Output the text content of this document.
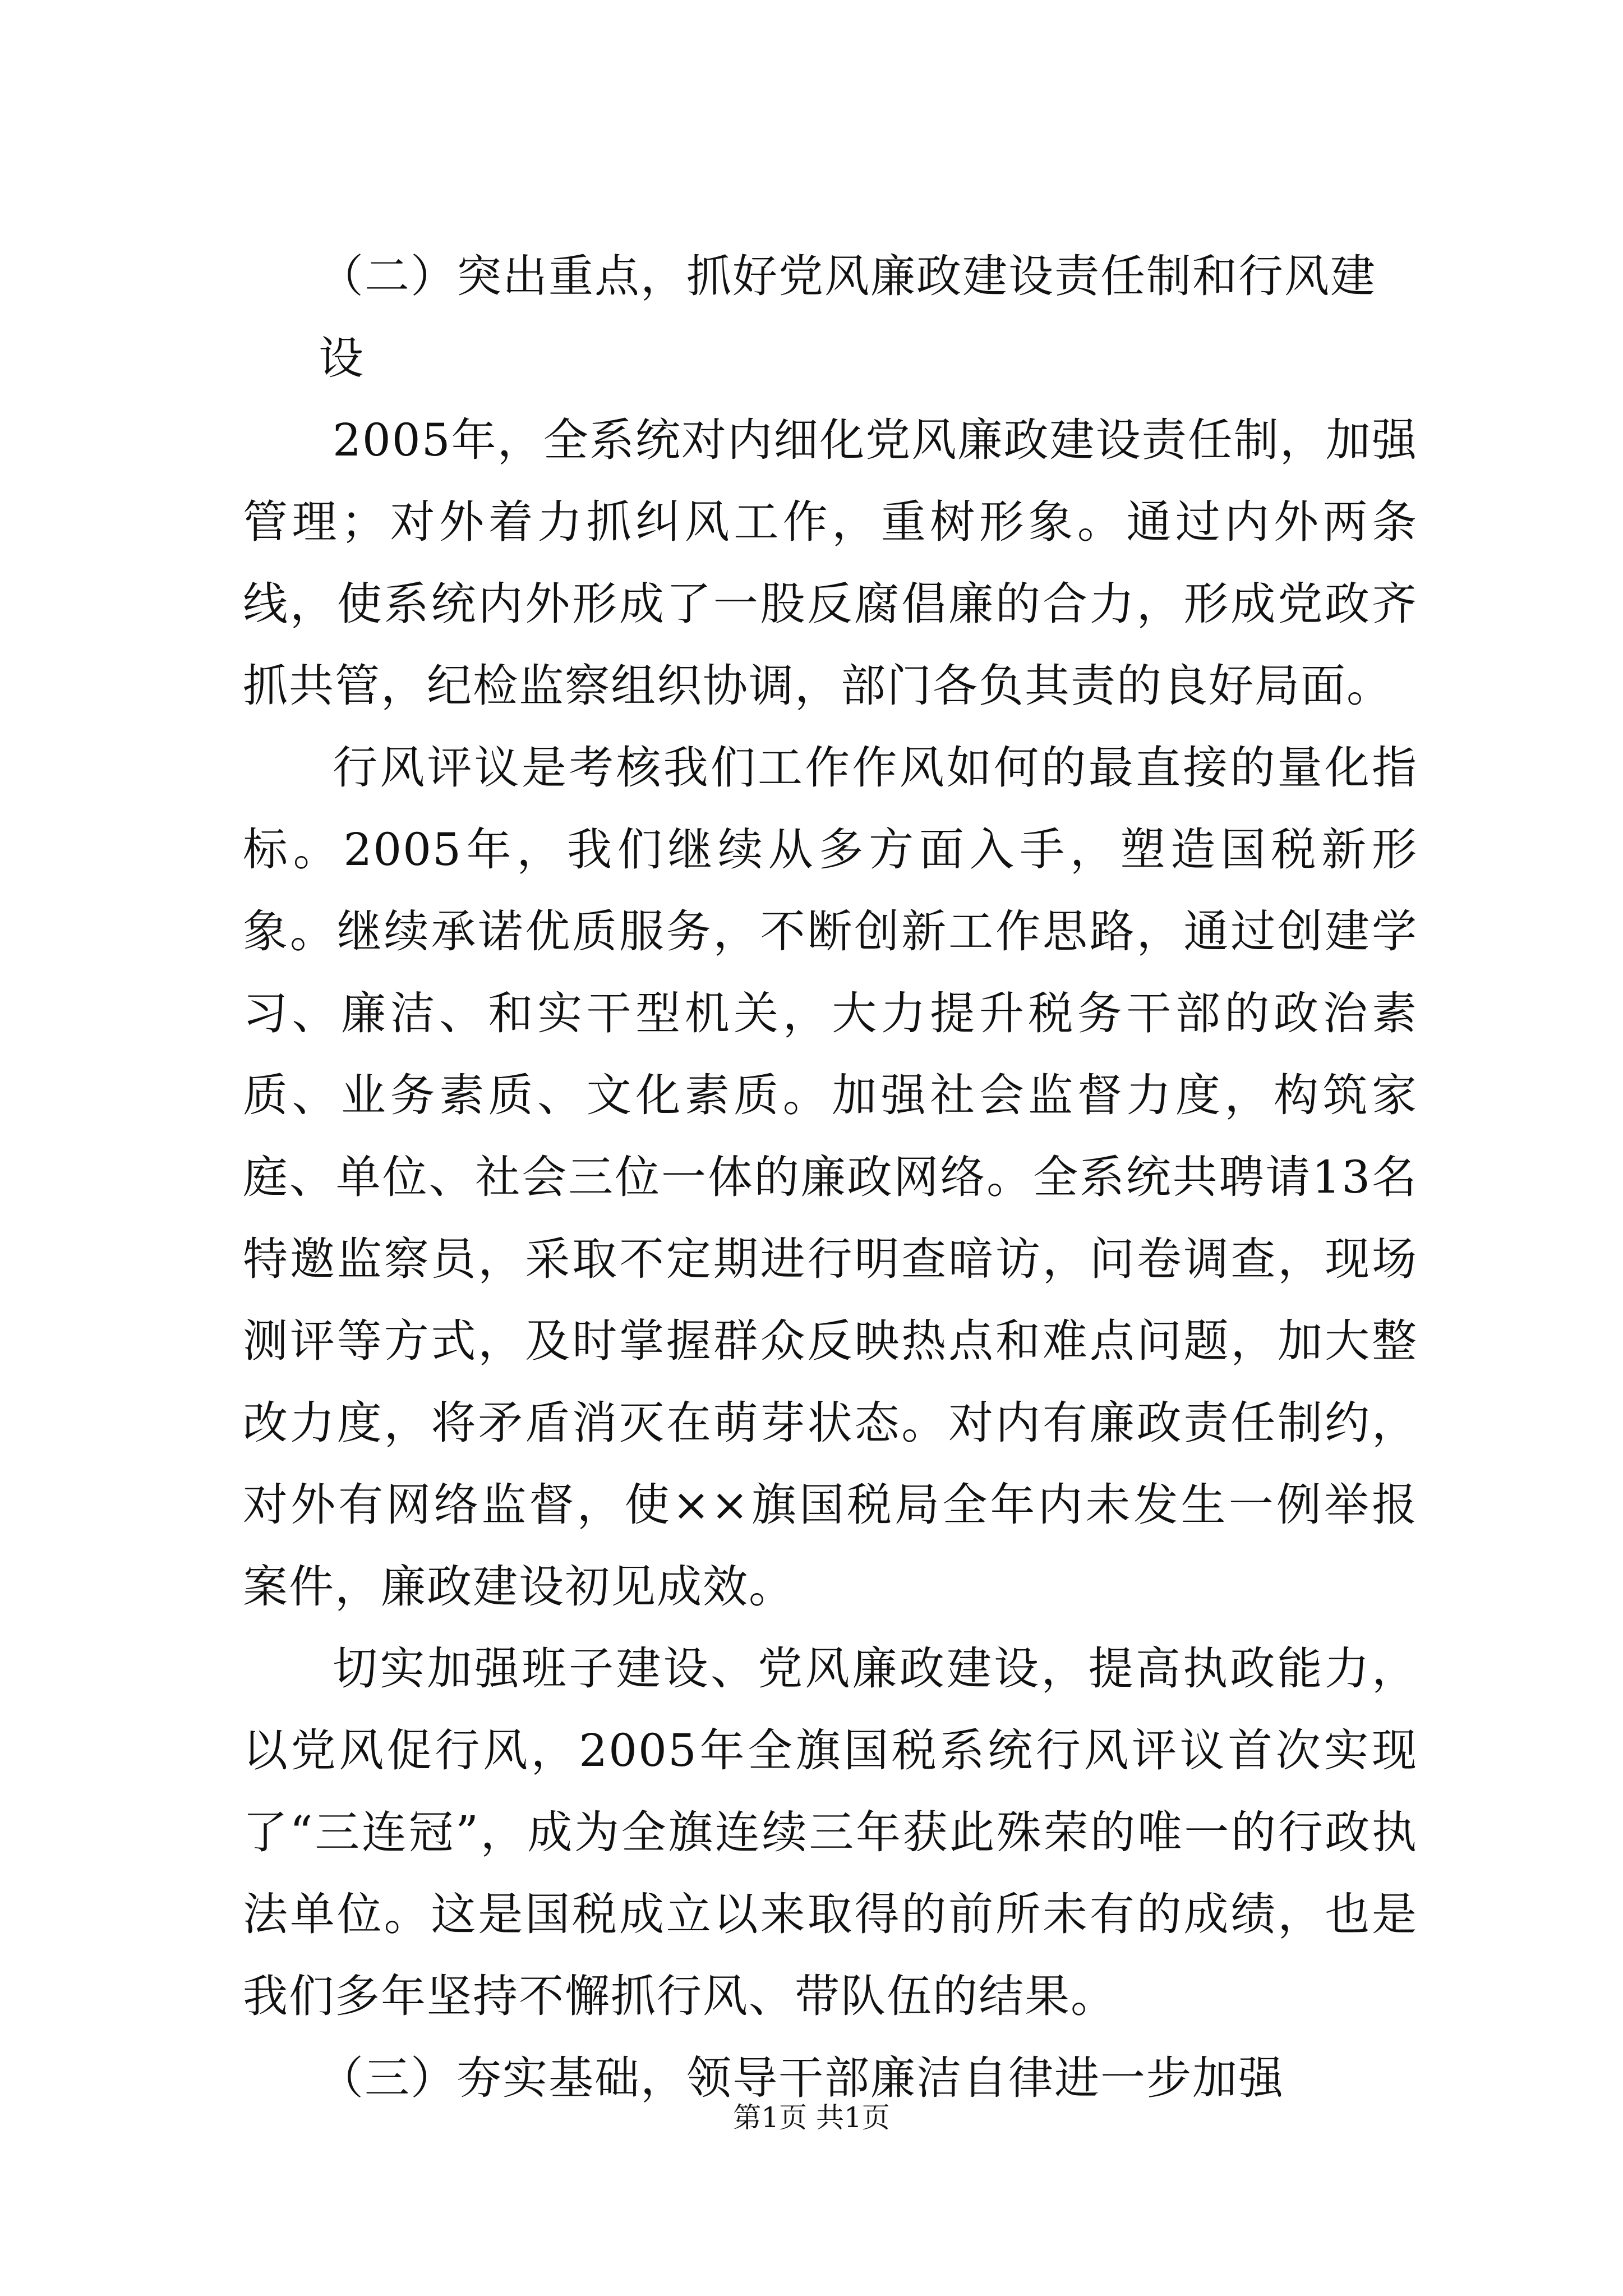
（二）突出重点，抓好党风廉政建设责任制和行风建设

2005年，全系统对内细化党风廉政建设责任制，加强管理；对外着力抓纠风工作，重树形象。通过内外两条线，使系统内外形成了一股反腐倡廉的合力，形成党政齐抓共管，纪检监察组织协调，部门各负其责的良好局面。

行风评议是考核我们工作作风如何的最直接的量化指标。2005年，我们继续从多方面入手，塑造国税新形象。继续承诺优质服务，不断创新工作思路，通过创建学习、廉洁、和实干型机关，大力提升税务干部的政治素质、业务素质、文化素质。加强社会监督力度，构筑家庭、单位、社会三位一体的廉政网络。全系统共聘请13名特邀监察员，采取不定期进行明查暗访，问卷调查，现场测评等方式，及时掌握群众反映热点和难点问题，加大整改力度，将矛盾消灭在萌芽状态。对内有廉政责任制约，对外有网络监督，使××旗国税局全年内未发生一例举报案件，廉政建设初见成效。

切实加强班子建设、党风廉政建设，提高执政能力，以党风促行风，2005年全旗国税系统行风评议首次实现了“三连冠”，成为全旗连续三年获此殊荣的唯一的行政执法单位。这是国税成立以来取得的前所未有的成绩，也是我们多年坚持不懈抓行风、带队伍的结果。

（三）夯实基础，领导干部廉洁自律进一步加强

第1页 共1页
